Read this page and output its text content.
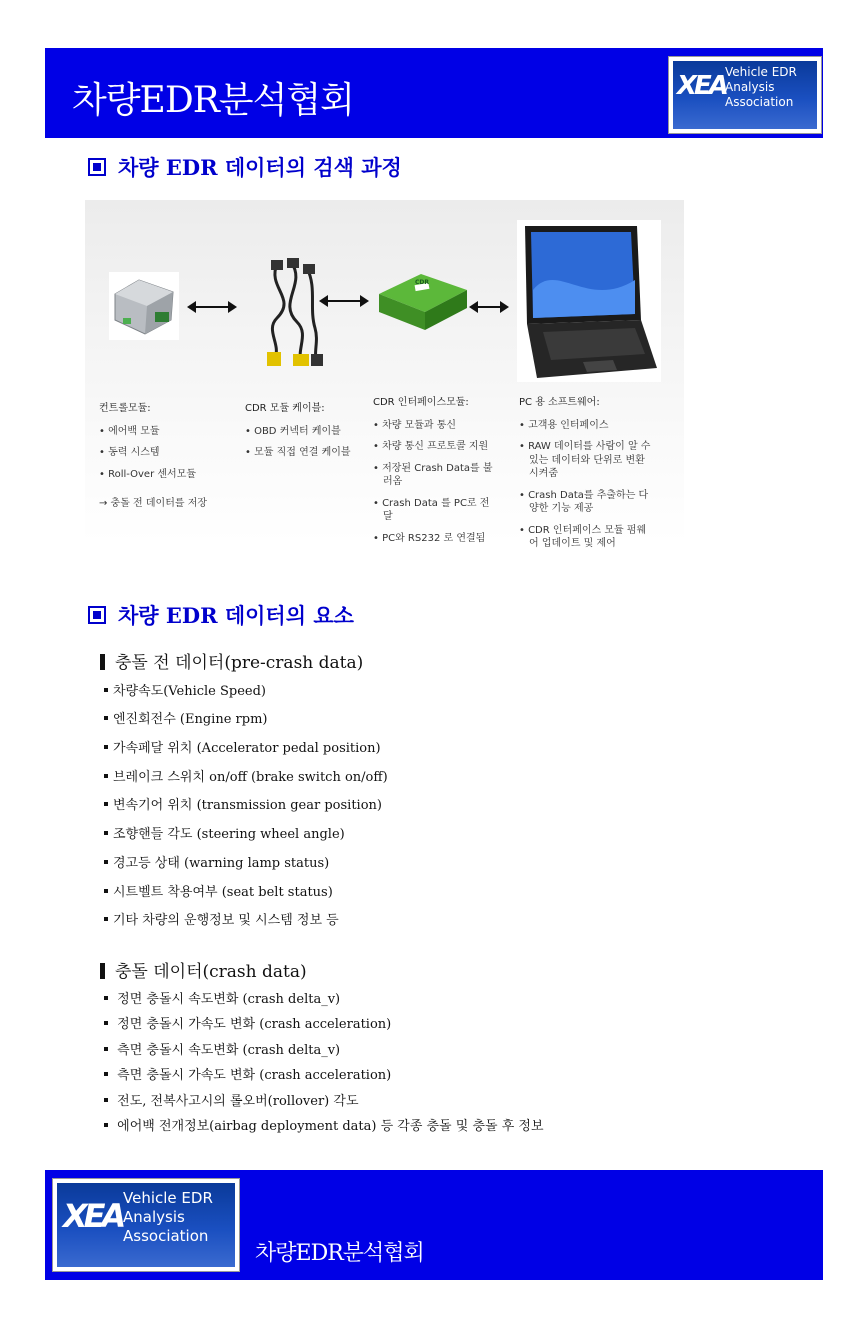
차량EDR분석협회	XEA Vehicle EDR
Analysis
Association
차량 EDR 데이터의 검색 과정
CDR
컨트롤모듈:
• 에어백 모듈
• 동력 시스템
• Roll-Over 센서모듈
→ 충돌 전 데이터를 저장
CDR 모듈 케이블:
• OBD 커넥터 케이블
• 모듈 직접 연결 케이블
CDR 인터페이스모듈:
• 차량 모듈과 통신
• 차량 통신 프로토콜 지원
• 저장된 Crash Data를 불러옴
• Crash Data 를 PC로 전달
• PC와 RS232 로 연결됨
PC 용 소프트웨어:
• 고객용 인터페이스
• RAW 데이터를 사람이 알 수 있는 데이터와 단위로 변환시켜줌
• Crash Data를 추출하는 다양한 기능 제공
• CDR 인터페이스 모듈 펌웨어 업데이트 및 제어
차량 EDR 데이터의 요소
충돌 전 데이터(pre-crash data)
차량속도(Vehicle Speed)
엔진회전수 (Engine rpm)
가속페달 위치 (Accelerator pedal position)
브레이크 스위치 on/off (brake switch on/off)
변속기어 위치 (transmission gear position)
조향핸들 각도 (steering wheel angle)
경고등 상태 (warning lamp status)
시트벨트 착용여부 (seat belt status)
기타 차량의 운행정보 및 시스템 정보 등
충돌 데이터(crash data)
정면 충돌시 속도변화 (crash delta_v)
정면 충돌시 가속도 변화 (crash acceleration)
측면 충돌시 속도변화 (crash delta_v)
측면 충돌시 가속도 변화 (crash acceleration)
전도, 전복사고시의 롤오버(rollover) 각도
에어백 전개정보(airbag deployment data) 등 각종 충돌 및 충돌 후 정보
XEA Vehicle EDR
Analysis
Association
차량EDR분석협회
